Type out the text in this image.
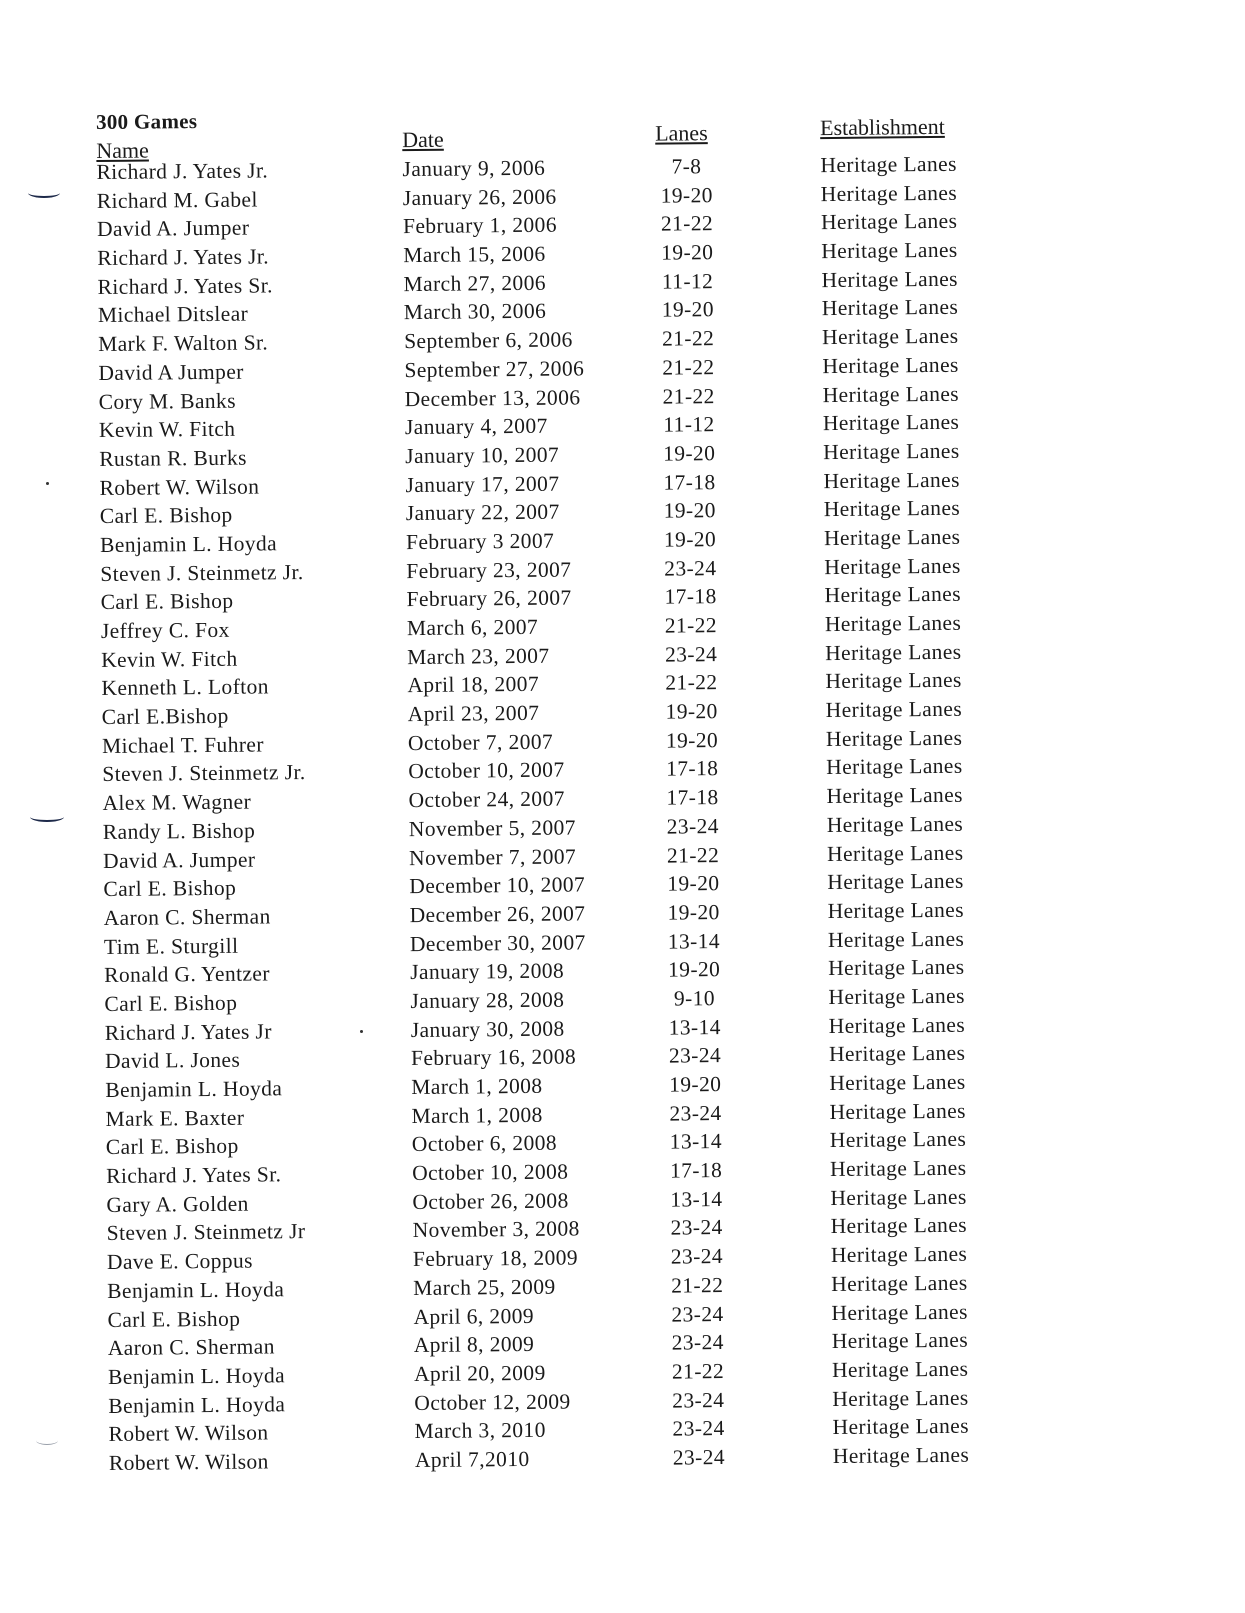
300 Games
Name	Date	Lanes	Establishment
Richard J. Yates Jr.	January 9, 2006	7-8	Heritage Lanes
Richard M. Gabel	January 26, 2006	19-20	Heritage Lanes
David A. Jumper	February 1, 2006	21-22	Heritage Lanes
Richard J. Yates Jr.	March 15, 2006	19-20	Heritage Lanes
Richard J. Yates Sr.	March 27, 2006	11-12	Heritage Lanes
Michael Ditslear	March 30, 2006	19-20	Heritage Lanes
Mark F. Walton Sr.	September 6, 2006	21-22	Heritage Lanes
David A Jumper	September 27, 2006	21-22	Heritage Lanes
Cory M. Banks	December 13, 2006	21-22	Heritage Lanes
Kevin W. Fitch	January 4, 2007	11-12	Heritage Lanes
Rustan R. Burks	January 10, 2007	19-20	Heritage Lanes
Robert W. Wilson	January 17, 2007	17-18	Heritage Lanes
Carl E. Bishop	January 22, 2007	19-20	Heritage Lanes
Benjamin L. Hoyda	February 3 2007	19-20	Heritage Lanes
Steven J. Steinmetz Jr.	February 23, 2007	23-24	Heritage Lanes
Carl E. Bishop	February 26, 2007	17-18	Heritage Lanes
Jeffrey C. Fox	March 6, 2007	21-22	Heritage Lanes
Kevin W. Fitch	March 23, 2007	23-24	Heritage Lanes
Kenneth L. Lofton	April 18, 2007	21-22	Heritage Lanes
Carl E.Bishop	April 23, 2007	19-20	Heritage Lanes
Michael T. Fuhrer	October 7, 2007	19-20	Heritage Lanes
Steven J. Steinmetz Jr.	October 10, 2007	17-18	Heritage Lanes
Alex M. Wagner	October 24, 2007	17-18	Heritage Lanes
Randy L. Bishop	November 5, 2007	23-24	Heritage Lanes
David A. Jumper	November 7, 2007	21-22	Heritage Lanes
Carl E. Bishop	December 10, 2007	19-20	Heritage Lanes
Aaron C. Sherman	December 26, 2007	19-20	Heritage Lanes
Tim E. Sturgill	December 30, 2007	13-14	Heritage Lanes
Ronald G. Yentzer	January 19, 2008	19-20	Heritage Lanes
Carl E. Bishop	January 28, 2008	9-10	Heritage Lanes
Richard J. Yates Jr	January 30, 2008	13-14	Heritage Lanes
David L. Jones	February 16, 2008	23-24	Heritage Lanes
Benjamin L. Hoyda	March 1, 2008	19-20	Heritage Lanes
Mark E. Baxter	March 1, 2008	23-24	Heritage Lanes
Carl E. Bishop	October 6, 2008	13-14	Heritage Lanes
Richard J. Yates Sr.	October 10, 2008	17-18	Heritage Lanes
Gary A. Golden	October 26, 2008	13-14	Heritage Lanes
Steven J. Steinmetz Jr	November 3, 2008	23-24	Heritage Lanes
Dave E. Coppus	February 18, 2009	23-24	Heritage Lanes
Benjamin L. Hoyda	March 25, 2009	21-22	Heritage Lanes
Carl E. Bishop	April 6, 2009	23-24	Heritage Lanes
Aaron C. Sherman	April 8, 2009	23-24	Heritage Lanes
Benjamin L. Hoyda	April 20, 2009	21-22	Heritage Lanes
Benjamin L. Hoyda	October 12, 2009	23-24	Heritage Lanes
Robert W. Wilson	March 3, 2010	23-24	Heritage Lanes
Robert W. Wilson	April 7,2010	23-24	Heritage Lanes
